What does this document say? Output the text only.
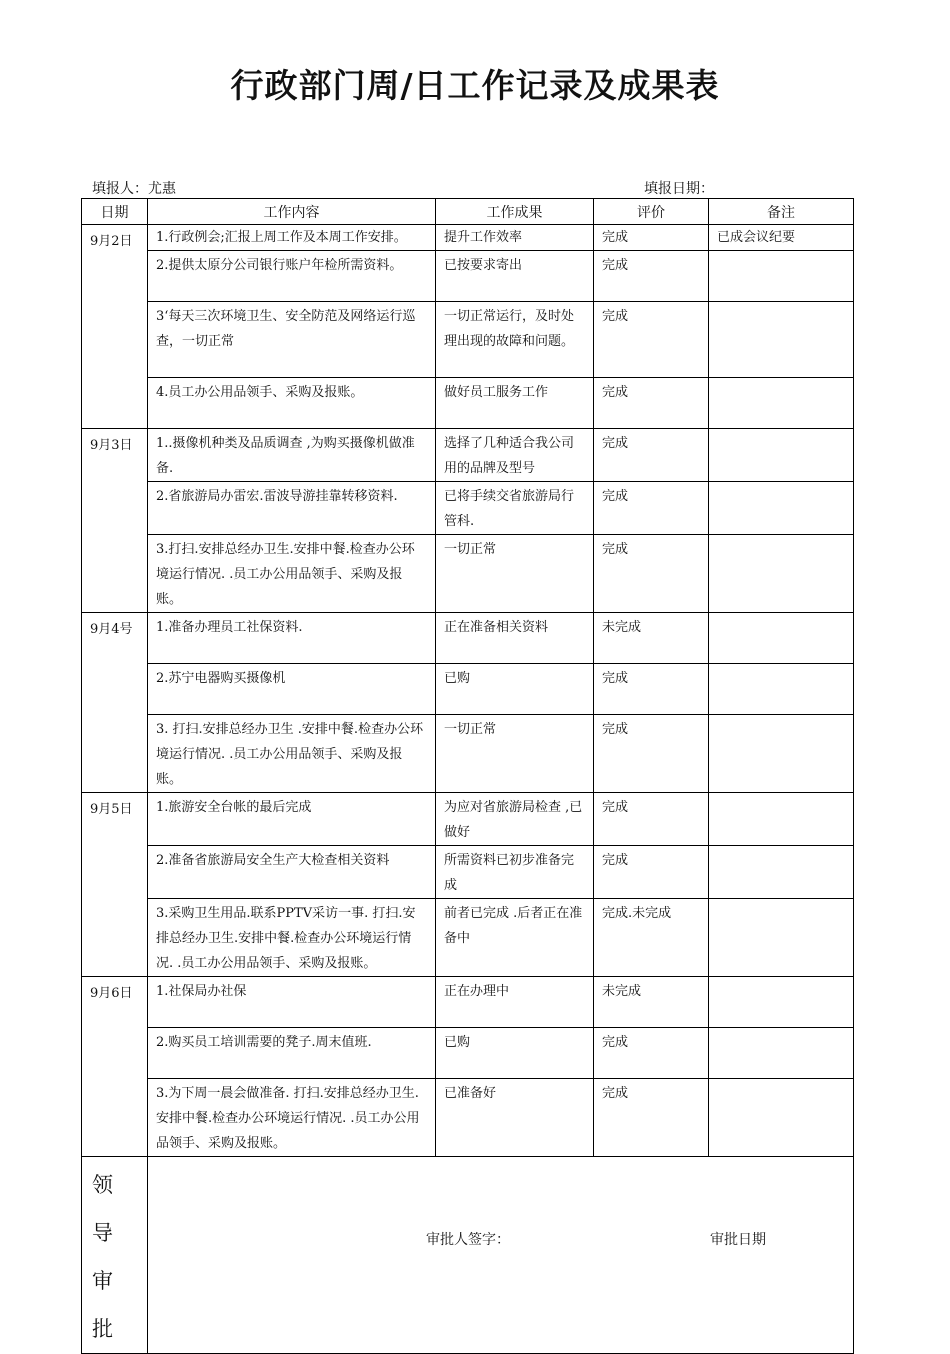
行政部门周/日工作记录及成果表
填报人：尤惠	填报日期：
日期	工作内容	工作成果	评价	备注
9月2日	1.行政例会;汇报上周工作及本周工作安排。	提升工作效率	完成	已成会议纪要
	2.提供太原分公司银行账户年检所需资料。	已按要求寄出	完成	
	3ʻ每天三次环境卫生、安全防范及网络运行巡查，一切正常	一切正常运行，及时处理出现的故障和问题。	完成	
	4.员工办公用品领手、采购及报账。	做好员工服务工作	完成	
9月3日	1..摄像机种类及品质调查 ,为购买摄像机做准备.	选择了几种适合我公司用的品牌及型号	完成	
	2.省旅游局办雷宏.雷波导游挂靠转移资料.	已将手续交省旅游局行管科.	完成	
	3.打扫.安排总经办卫生.安排中餐.检查办公环境运行情况. .员工办公用品领手、采购及报账。	一切正常	完成	
9月4号	1.准备办理员工社保资料.	正在准备相关资料	未完成	
	2.苏宁电器购买摄像机	已购	完成	
	3. 打扫.安排总经办卫生 .安排中餐.检查办公环境运行情况. .员工办公用品领手、采购及报账。	一切正常	完成	
9月5日	1.旅游安全台帐的最后完成	为应对省旅游局检查 ,已做好	完成	
	2.准备省旅游局安全生产大检查相关资料	所需资料已初步准备完成	完成	
	3.采购卫生用品.联系PPTV采访一事. 打扫.安排总经办卫生.安排中餐.检查办公环境运行情况. .员工办公用品领手、采购及报账。	前者已完成 .后者正在准备中	完成.未完成	
9月6日	1.社保局办社保	正在办理中	未完成	
	2.购买员工培训需要的凳子.周末值班.	已购	完成	
	3.为下周一晨会做准备. 打扫.安排总经办卫生.安排中餐.检查办公环境运行情况. .员工办公用品领手、采购及报账。	已准备好	完成	
领导审批	审批人签字： 审批日期			
